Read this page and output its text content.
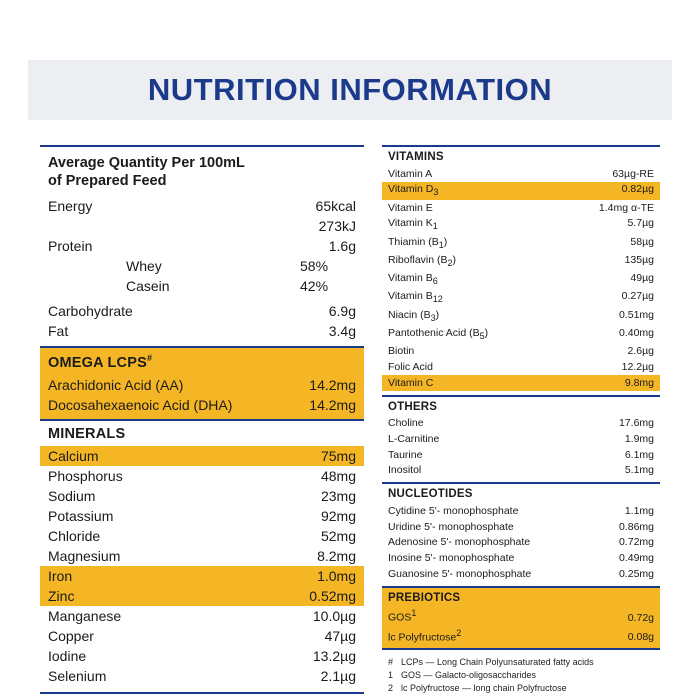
NUTRITION INFORMATION
Average Quantity Per 100mL
of Prepared Feed
Energy	65kcal
273kJ
Protein	1.6g
Whey	58%
Casein	42%
Carbohydrate	6.9g
Fat	3.4g
OMEGA LCPS#
Arachidonic Acid (AA)	14.2mg
Docosahexaenoic Acid (DHA)	14.2mg
MINERALS
Calcium	75mg
Phosphorus	48mg
Sodium	23mg
Potassium	92mg
Chloride	52mg
Magnesium	8.2mg
Iron	1.0mg
Zinc	0.52mg
Manganese	10.0µg
Copper	47µg
Iodine	13.2µg
Selenium	2.1µg
VITAMINS
Vitamin A	63µg-RE
Vitamin D3	0.82µg
Vitamin E	1.4mg α-TE
Vitamin K1	5.7µg
Thiamin (B1)	58µg
Riboflavin (B2)	135µg
Vitamin B6	49µg
Vitamin B12	0.27µg
Niacin (B3)	0.51mg
Pantothenic Acid (B5)	0.40mg
Biotin	2.6µg
Folic Acid	12.2µg
Vitamin C	9.8mg
OTHERS
Choline	17.6mg
L-Carnitine	1.9mg
Taurine	6.1mg
Inositol	5.1mg
NUCLEOTIDES
Cytidine 5'- monophosphate	1.1mg
Uridine 5'- monophosphate	0.86mg
Adenosine 5'- monophosphate	0.72mg
Inosine 5'- monophosphate	0.49mg
Guanosine 5'- monophosphate	0.25mg
PREBIOTICS
GOS1	0.72g
lc Polyfructose2	0.08g
# LCPs — Long Chain Polyunsaturated fatty acids
1 GOS — Galacto-oligosaccharides
2 lc Polyfructose — long chain Polyfructose
